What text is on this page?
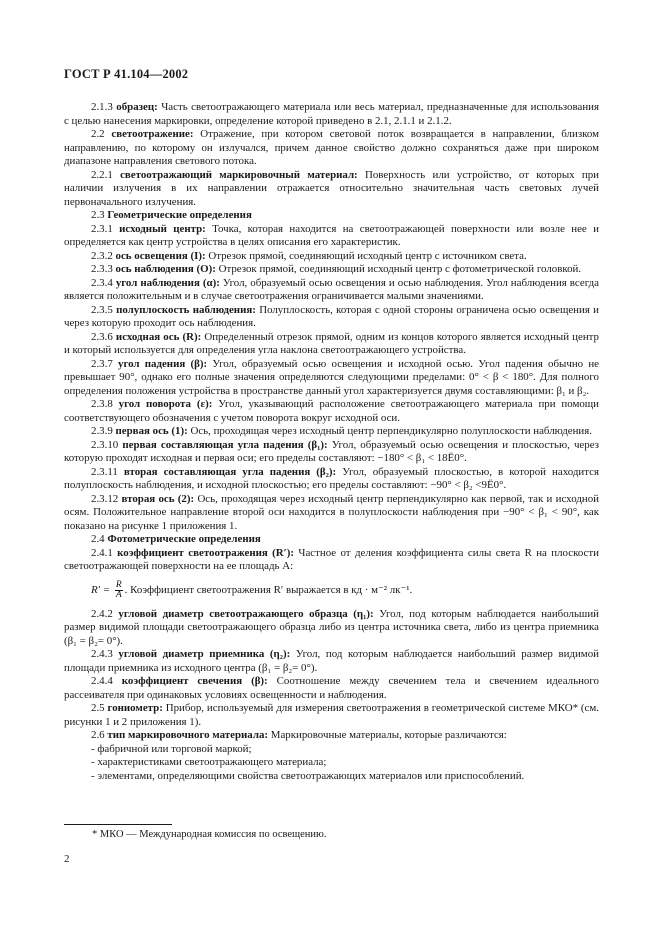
ГОСТ Р 41.104—2002

2.1.3 образец: Часть светоотражающего материала или весь материал, предназначенные для использования с целью нанесения маркировки, определение которой приведено в 2.1, 2.1.1 и 2.1.2.

2.2 светоотражение: Отражение, при котором световой поток возвращается в направлении, близком направлению, по которому он излучался, причем данное свойство должно сохраняться даже при широком диапазоне направления светового потока.

2.2.1 светоотражающий маркировочный материал: Поверхность или устройство, от которых при наличии излучения в их направлении отражается относительно значительная часть световых лучей первоначального излучения.

2.3 Геометрические определения

2.3.1 исходный центр: Точка, которая находится на светоотражающей поверхности или возле нее и определяется как центр устройства в целях описания его характеристик.

2.3.2 ось освещения (I): Отрезок прямой, соединяющий исходный центр с источником света.

2.3.3 ось наблюдения (O): Отрезок прямой, соединяющий исходный центр с фотометрической головкой.

2.3.4 угол наблюдения (α): Угол, образуемый осью освещения и осью наблюдения. Угол наблюдения всегда является положительным и в случае светоотражения ограничивается малыми значениями.

2.3.5 полуплоскость наблюдения: Полуплоскость, которая с одной стороны ограничена осью освещения и через которую проходит ось наблюдения.

2.3.6 исходная ось (R): Определенный отрезок прямой, одним из концов которого является исходный центр и который используется для определения угла наклона светоотражающего устройства.

2.3.7 угол падения (β): Угол, образуемый осью освещения и исходной осью. Угол падения обычно не превышает 90°, однако его полные значения определяются следующими пределами: 0° < β < 180°. Для полного определения положения устройства в пространстве данный угол характеризуется двумя составляющими: β₁ и β₂.

2.3.8 угол поворота (ε): Угол, указывающий расположение светоотражающего материала при помощи соответствующего обозначения с учетом поворота вокруг исходной оси.

2.3.9 первая ось (1): Ось, проходящая через исходный центр перпендикулярно полуплоскости наблюдения.

2.3.10 первая составляющая угла падения (β₁): Угол, образуемый осью освещения и плоскостью, через которую проходят исходная и первая оси; его пределы составляют: −180° < β₁ < 18Ё0°.

2.3.11 вторая составляющая угла падения (β₂): Угол, образуемый плоскостью, в которой находится полуплоскость наблюдения, и исходной плоскостью; его пределы составляют: −90° < β₂ <9Ё0°.

2.3.12 вторая ось (2): Ось, проходящая через исходный центр перпендикулярно как первой, так и исходной осям. Положительное направление второй оси находится в полуплоскости наблюдения при −90° < β₁ < 90°, как показано на рисунке 1 приложения 1.

2.4 Фотометрические определения

2.4.1 коэффициент светоотражения (R′): Частное от деления коэффициента силы света R на плоскости светоотражающей поверхности на ее площадь A:

$R' = \frac{R}{A}$ . Коэффициент светоотражения R′ выражается в кд · м⁻² лк⁻¹.

2.4.2 угловой диаметр светоотражающего образца (η₁): Угол, под которым наблюдается наибольший размер видимой площади светоотражающего образца либо из центра источника света, либо из центра приемника (β₁ = β₂= 0°).

2.4.3 угловой диаметр приемника (η₂): Угол, под которым наблюдается наибольший размер видимой площади приемника из исходного центра (β₁ = β₂= 0°).

2.4.4 коэффициент свечения (β): Соотношение между свечением тела и свечением идеального рассеивателя при одинаковых условиях освещенности и наблюдения.

2.5 гониометр: Прибор, используемый для измерения светоотражения в геометрической системе МКО* (см. рисунки 1 и 2 приложения 1).

2.6 тип маркировочного материала: Маркировочные материалы, которые различаются:

- фабричной или торговой маркой;

- характеристиками светоотражающего материала;

- элементами, определяющими свойства светоотражающих материалов или приспособлений.

* МКО — Международная комиссия по освещению.
2
